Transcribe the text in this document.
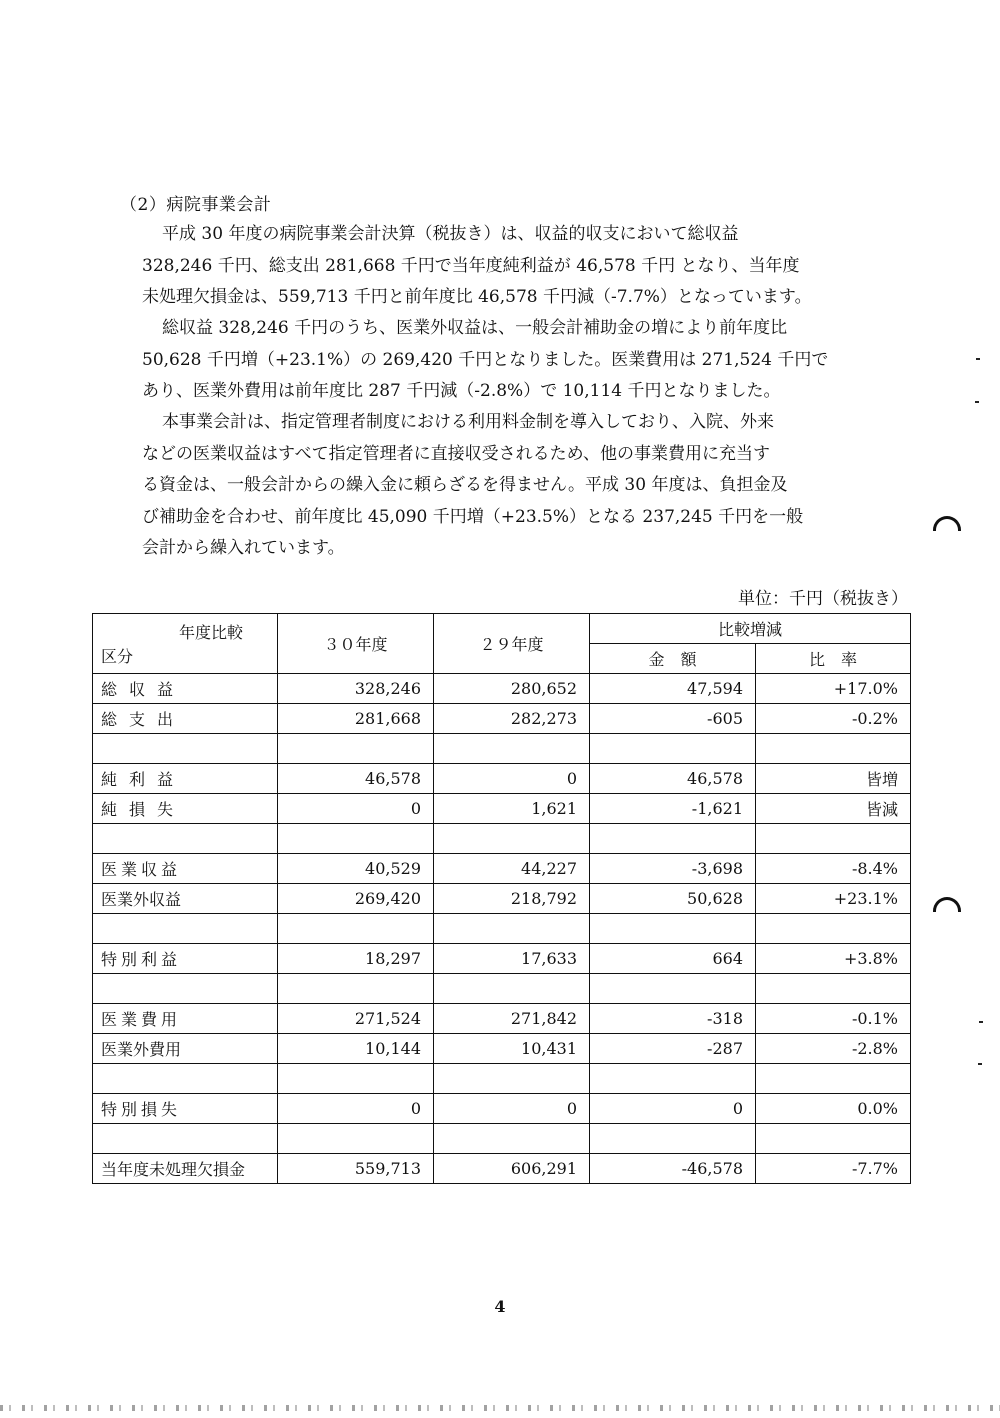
（2）病院事業会計
平成 30 年度の病院事業会計決算（税抜き）は、収益的収支において総収益
328,246 千円、総支出 281,668 千円で当年度純利益が 46,578 千円 となり、当年度
未処理欠損金は、559,713 千円と前年度比 46,578 千円減（-7.7%）となっています。
総収益 328,246 千円のうち、医業外収益は、一般会計補助金の増により前年度比
50,628 千円増（+23.1%）の 269,420 千円となりました。医業費用は 271,524 千円で
あり、医業外費用は前年度比 287 千円減（-2.8%）で 10,114 千円となりました。
本事業会計は、指定管理者制度における利用料金制を導入しており、入院、外来
などの医業収益はすべて指定管理者に直接収受されるため、他の事業費用に充当す
る資金は、一般会計からの繰入金に頼らざるを得ません。平成 30 年度は、負担金及
び補助金を合わせ、前年度比 45,090 千円増（+23.5%）となる 237,245 千円を一般
会計から繰入れています。
単位：千円（税抜き）
年度比較
区分	３０年度	２９年度	比較増減	
			金　額	比　率
総収益	328,246	280,652	47,594	+17.0%
総支出	281,668	282,273	-605	-0.2%

純利益	46,578	0	46,578	皆増
純損失	0	1,621	-1,621	皆減

医業収益	40,529	44,227	-3,698	-8.4%
医業外収益	269,420	218,792	50,628	+23.1%

特別利益	18,297	17,633	664	+3.8%

医業費用	271,524	271,842	-318	-0.1%
医業外費用	10,144	10,431	-287	-2.8%

特別損失	0	0	0	0.0%

当年度未処理欠損金	559,713	606,291	-46,578	-7.7%
4
